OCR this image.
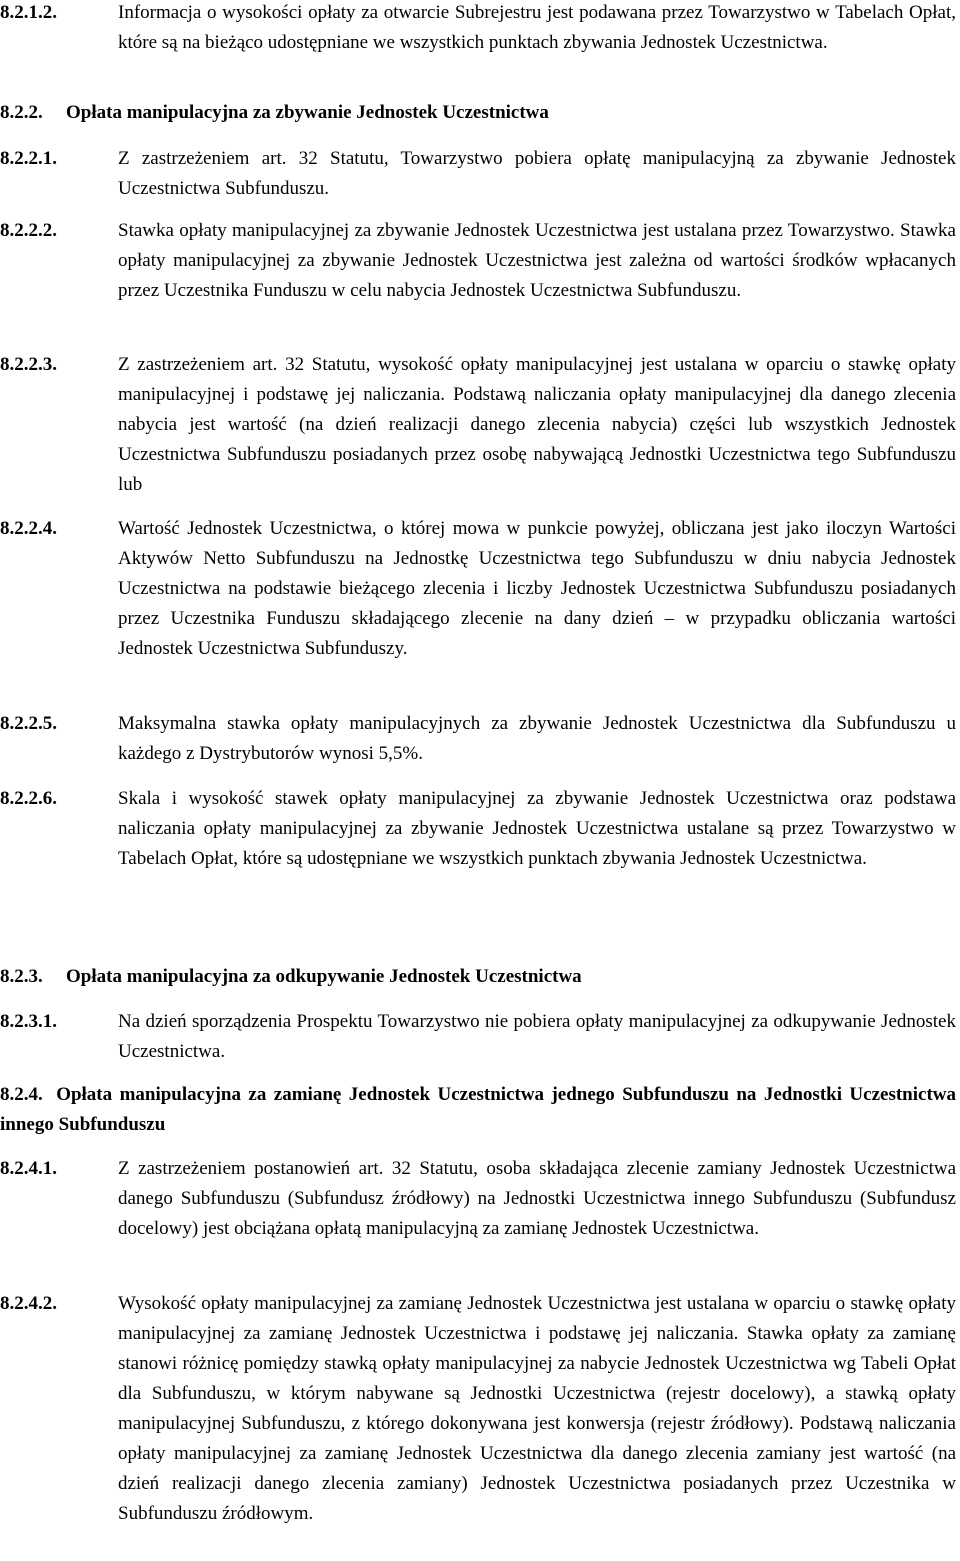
8.2.1.2.	Informacja o wysokości opłaty za otwarcie Subrejestru jest podawana przez Towarzystwo w Tabelach Opłat, które są na bieżąco udostępniane we wszystkich punktach zbywania Jednostek Uczestnictwa.
8.2.2. Opłata manipulacyjna za zbywanie Jednostek Uczestnictwa
8.2.2.1.	Z zastrzeżeniem art. 32 Statutu, Towarzystwo pobiera opłatę manipulacyjną za zbywanie Jednostek Uczestnictwa Subfunduszu.
8.2.2.2.	Stawka opłaty manipulacyjnej za zbywanie Jednostek Uczestnictwa jest ustalana przez Towarzystwo. Stawka opłaty manipulacyjnej za zbywanie Jednostek Uczestnictwa jest zależna od wartości środków wpłacanych przez Uczestnika Funduszu w celu nabycia Jednostek Uczestnictwa Subfunduszu.
8.2.2.3.	Z zastrzeżeniem art. 32 Statutu, wysokość opłaty manipulacyjnej jest ustalana w oparciu o stawkę opłaty manipulacyjnej i podstawę jej naliczania. Podstawą naliczania opłaty manipulacyjnej dla danego zlecenia nabycia jest wartość (na dzień realizacji danego zlecenia nabycia) części lub wszystkich Jednostek Uczestnictwa Subfunduszu posiadanych przez osobę nabywającą Jednostki Uczestnictwa tego Subfunduszu lub
8.2.2.4.	Wartość Jednostek Uczestnictwa, o której mowa w punkcie powyżej, obliczana jest jako iloczyn Wartości Aktywów Netto Subfunduszu na Jednostkę Uczestnictwa tego Subfunduszu w dniu nabycia Jednostek Uczestnictwa na podstawie bieżącego zlecenia i liczby Jednostek Uczestnictwa Subfunduszu posiadanych przez Uczestnika Funduszu składającego zlecenie na dany dzień – w przypadku obliczania wartości Jednostek Uczestnictwa Subfunduszy.
8.2.2.5.	Maksymalna stawka opłaty manipulacyjnych za zbywanie Jednostek Uczestnictwa dla Subfunduszu u każdego z Dystrybutorów wynosi 5,5%.
8.2.2.6.	Skala i wysokość stawek opłaty manipulacyjnej za zbywanie Jednostek Uczestnictwa oraz podstawa naliczania opłaty manipulacyjnej za zbywanie Jednostek Uczestnictwa ustalane są przez Towarzystwo w Tabelach Opłat, które są udostępniane we wszystkich punktach zbywania Jednostek Uczestnictwa.
8.2.3. Opłata manipulacyjna za odkupywanie Jednostek Uczestnictwa
8.2.3.1.	Na dzień sporządzenia Prospektu Towarzystwo nie pobiera opłaty manipulacyjnej za odkupywanie Jednostek Uczestnictwa.
8.2.4. Opłata manipulacyjna za zamianę Jednostek Uczestnictwa jednego Subfunduszu na Jednostki Uczestnictwa innego Subfunduszu
8.2.4.1.	Z zastrzeżeniem postanowień art. 32 Statutu, osoba składająca zlecenie zamiany Jednostek Uczestnictwa danego Subfunduszu (Subfundusz źródłowy) na Jednostki Uczestnictwa innego Subfunduszu (Subfundusz docelowy) jest obciążana opłatą manipulacyjną za zamianę Jednostek Uczestnictwa.
8.2.4.2.	Wysokość opłaty manipulacyjnej za zamianę Jednostek Uczestnictwa jest ustalana w oparciu o stawkę opłaty manipulacyjnej za zamianę Jednostek Uczestnictwa i podstawę jej naliczania. Stawka opłaty za zamianę stanowi różnicę pomiędzy stawką opłaty manipulacyjnej za nabycie Jednostek Uczestnictwa wg Tabeli Opłat dla Subfunduszu, w którym nabywane są Jednostki Uczestnictwa (rejestr docelowy), a stawką opłaty manipulacyjnej Subfunduszu, z którego dokonywana jest konwersja (rejestr źródłowy). Podstawą naliczania opłaty manipulacyjnej za zamianę Jednostek Uczestnictwa dla danego zlecenia zamiany jest wartość (na dzień realizacji danego zlecenia zamiany) Jednostek Uczestnictwa posiadanych przez Uczestnika w Subfunduszu źródłowym.
